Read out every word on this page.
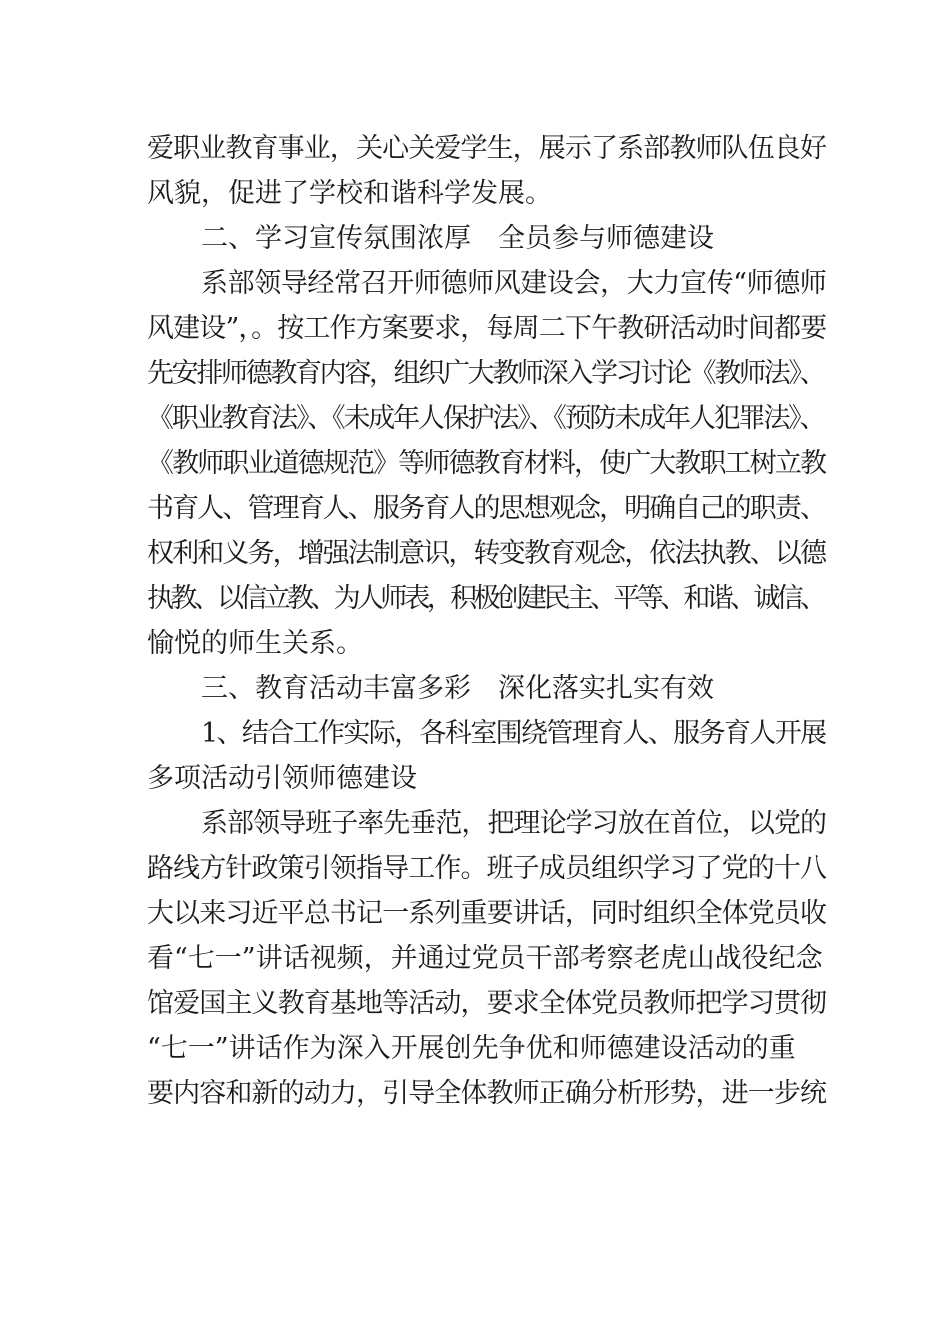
爱职业教育事业，关心关爱学生，展示了系部教师队伍良好

风貌，促进了学校和谐科学发展。

二、学习宣传氛围浓厚　全员参与师德建设

系部领导经常召开师德师风建设会，大力宣传“师德师

风建设”，。按工作方案要求，每周二下午教研活动时间都要

先安排师德教育内容，组织广大教师深入学习讨论《教师法》、

《职业教育法》、《未成年人保护法》、《预防未成年人犯罪法》、

《教师职业道德规范》等师德教育材料，使广大教职工树立教

书育人、管理育人、服务育人的思想观念，明确自己的职责、

权利和义务，增强法制意识，转变教育观念，依法执教、以德

执教、以信立教、为人师表，积极创建民主、平等、和谐、诚信、

愉悦的师生关系。

三、教育活动丰富多彩　深化落实扎实有效

1、结合工作实际，各科室围绕管理育人、服务育人开展

多项活动引领师德建设

系部领导班子率先垂范，把理论学习放在首位，以党的

路线方针政策引领指导工作。班子成员组织学习了党的十八

大以来习近平总书记一系列重要讲话，同时组织全体党员收

看“七一”讲话视频，并通过党员干部考察老虎山战役纪念

馆爱国主义教育基地等活动，要求全体党员教师把学习贯彻

“七一”讲话作为深入开展创先争优和师德建设活动的重

要内容和新的动力，引导全体教师正确分析形势，进一步统
